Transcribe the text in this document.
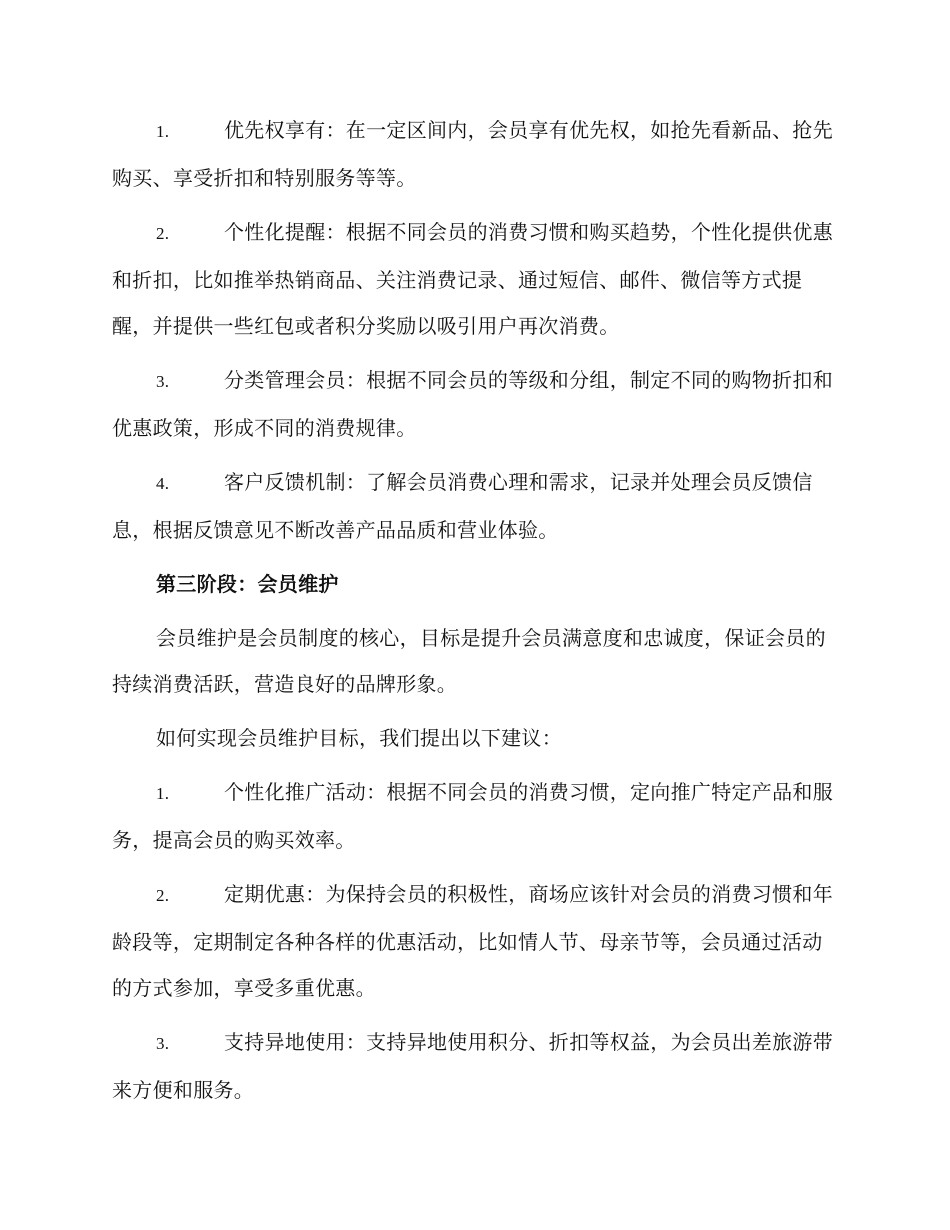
1.	优先权享有：在一定区间内，会员享有优先权，如抢先看新品、抢先购买、享受折扣和特别服务等等。

2.	个性化提醒：根据不同会员的消费习惯和购买趋势，个性化提供优惠和折扣，比如推举热销商品、关注消费记录、通过短信、邮件、微信等方式提醒，并提供一些红包或者积分奖励以吸引用户再次消费。

3.	分类管理会员：根据不同会员的等级和分组，制定不同的购物折扣和优惠政策，形成不同的消费规律。

4.	客户反馈机制：了解会员消费心理和需求，记录并处理会员反馈信息，根据反馈意见不断改善产品品质和营业体验。

第三阶段：会员维护

会员维护是会员制度的核心，目标是提升会员满意度和忠诚度，保证会员的持续消费活跃，营造良好的品牌形象。

如何实现会员维护目标，我们提出以下建议：

1.	个性化推广活动：根据不同会员的消费习惯，定向推广特定产品和服务，提高会员的购买效率。

2.	定期优惠：为保持会员的积极性，商场应该针对会员的消费习惯和年龄段等，定期制定各种各样的优惠活动，比如情人节、母亲节等，会员通过活动的方式参加，享受多重优惠。

3.	支持异地使用：支持异地使用积分、折扣等权益，为会员出差旅游带来方便和服务。
